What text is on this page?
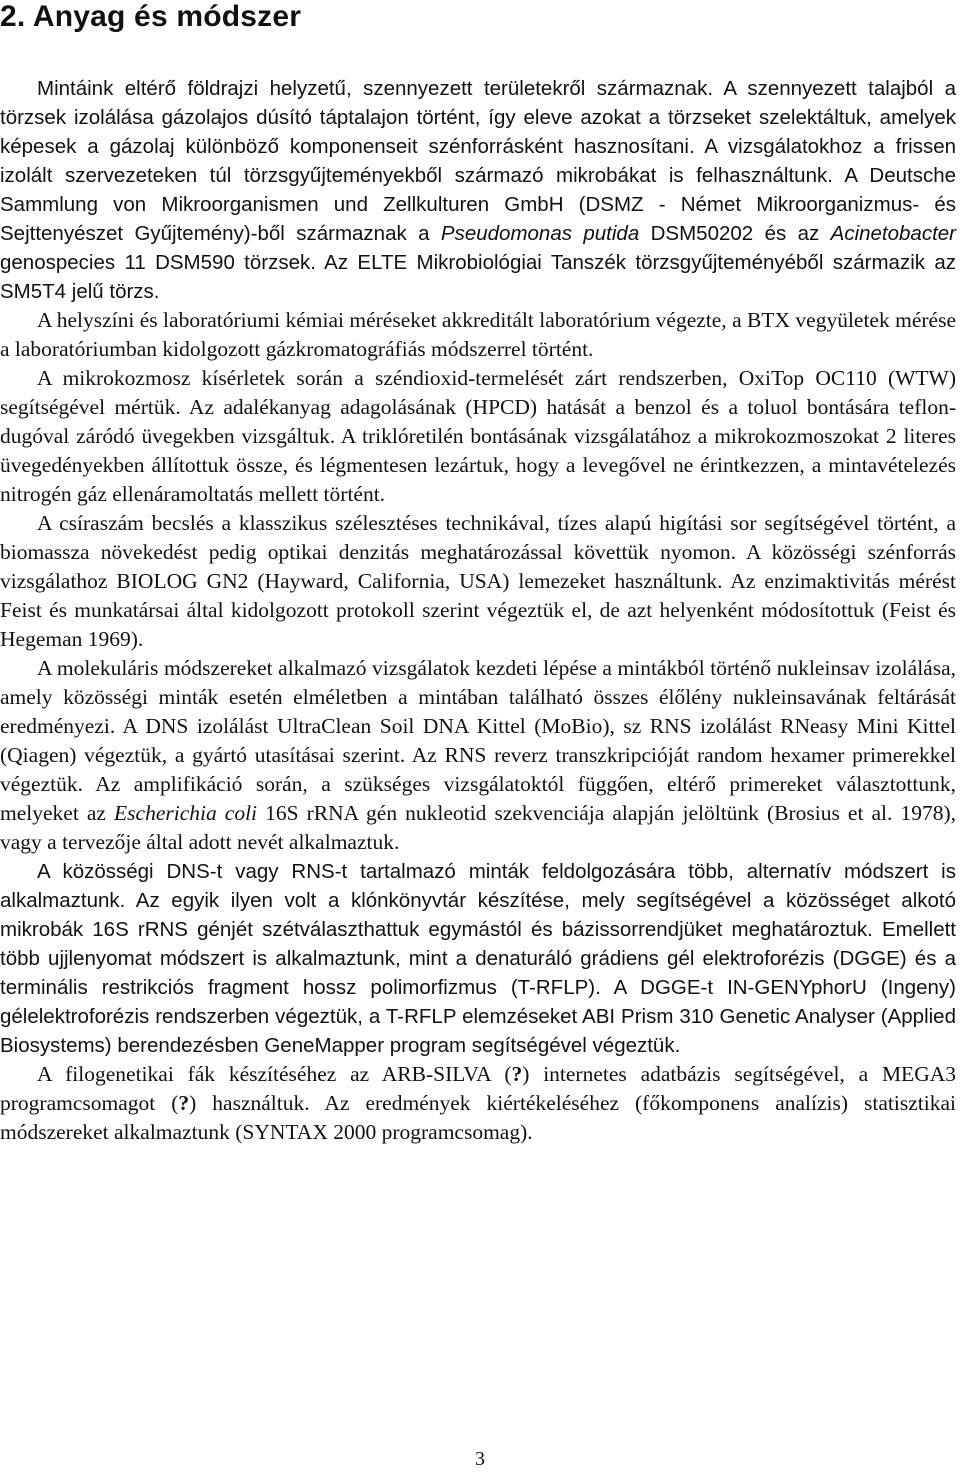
2. Anyag és módszer

Mintáink eltérő földrajzi helyzetű, szennyezett területekről származnak. A szennyezett talajból a törzsek izolálása gázolajos dúsító táptalajon történt, így eleve azokat a törzseket szelektáltuk, amelyek képesek a gázolaj különböző komponenseit szénforrásként hasznosítani. A vizsgálatokhoz a frissen izolált szervezeteken túl törzsgyűjteményekből származó mikrobákat is felhasználtunk. A Deutsche Sammlung von Mikroorganismen und Zellkulturen GmbH (DSMZ - Német Mikroorganizmus- és Sejttenyészet Gyűjtemény)-ből származnak a Pseudomonas putida DSM50202 és az Acinetobacter genospecies 11 DSM590 törzsek. Az ELTE Mikrobiológiai Tanszék törzsgyűjteményéből származik az SM5T4 jelű törzs.

A helyszíni és laboratóriumi kémiai méréseket akkreditált laboratórium végezte, a BTX vegyületek mérése a laboratóriumban kidolgozott gázkromatográfiás módszerrel történt.

A mikrokozmosz kísérletek során a széndioxid-termelését zárt rendszerben, OxiTop OC110 (WTW) segítségével mértük. Az adalékanyag adagolásának (HPCD) hatását a benzol és a toluol bontására teflon-dugóval záródó üvegekben vizsgáltuk. A triklóretilén bontásának vizsgálatához a mikrokozmoszokat 2 literes üvegedényekben állítottuk össze, és légmentesen lezártuk, hogy a levegővel ne érintkezzen, a mintavételezés nitrogén gáz ellenáramoltatás mellett történt.

A csíraszám becslés a klasszikus szélesztéses technikával, tízes alapú higítási sor segítségével történt, a biomassza növekedést pedig optikai denzitás meghatározással követtük nyomon. A közösségi szénforrás vizsgálathoz BIOLOG GN2 (Hayward, California, USA) lemezeket használtunk. Az enzimaktivitás mérést Feist és munkatársai által kidolgozott protokoll szerint végeztük el, de azt helyenként módosítottuk (Feist és Hegeman 1969).

A molekuláris módszereket alkalmazó vizsgálatok kezdeti lépése a mintákból történő nukleinsav izolálása, amely közösségi minták esetén elméletben a mintában található összes élőlény nukleinsavának feltárását eredményezi. A DNS izolálást UltraClean Soil DNA Kittel (MoBio), sz RNS izolálást RNeasy Mini Kittel (Qiagen) végeztük, a gyártó utasításai szerint. Az RNS reverz transzkripcióját random hexamer primerekkel végeztük. Az amplifikáció során, a szükséges vizsgálatoktól függően, eltérő primereket választottunk, melyeket az Escherichia coli 16S rRNA gén nukleotid szekvenciája alapján jelöltünk (Brosius et al. 1978), vagy a tervezője által adott nevét alkalmaztuk.

A közösségi DNS-t vagy RNS-t tartalmazó minták feldolgozására több, alternatív módszert is alkalmaztunk. Az egyik ilyen volt a klónkönyvtár készítése, mely segítségével a közösséget alkotó mikrobák 16S rRNS génjét szétválaszthattuk egymástól és bázissorrendjüket meghatároztuk. Emellett több ujjlenyomat módszert is alkalmaztunk, mint a denaturáló grádiens gél elektroforézis (DGGE) és a terminális restrikciós fragment hossz polimorfizmus (T-RFLP). A DGGE-t IN-GENYphorU (Ingeny) gélelektroforézis rendszerben végeztük, a T-RFLP elemzéseket ABI Prism 310 Genetic Analyser (Applied Biosystems) berendezésben GeneMapper program segítségével végeztük.

A filogenetikai fák készítéséhez az ARB-SILVA (?) internetes adatbázis segítségével, a MEGA3 programcsomagot (?) használtuk. Az eredmények kiértékeléséhez (főkomponens analízis) statisztikai módszereket alkalmaztunk (SYNTAX 2000 programcsomag).

3
